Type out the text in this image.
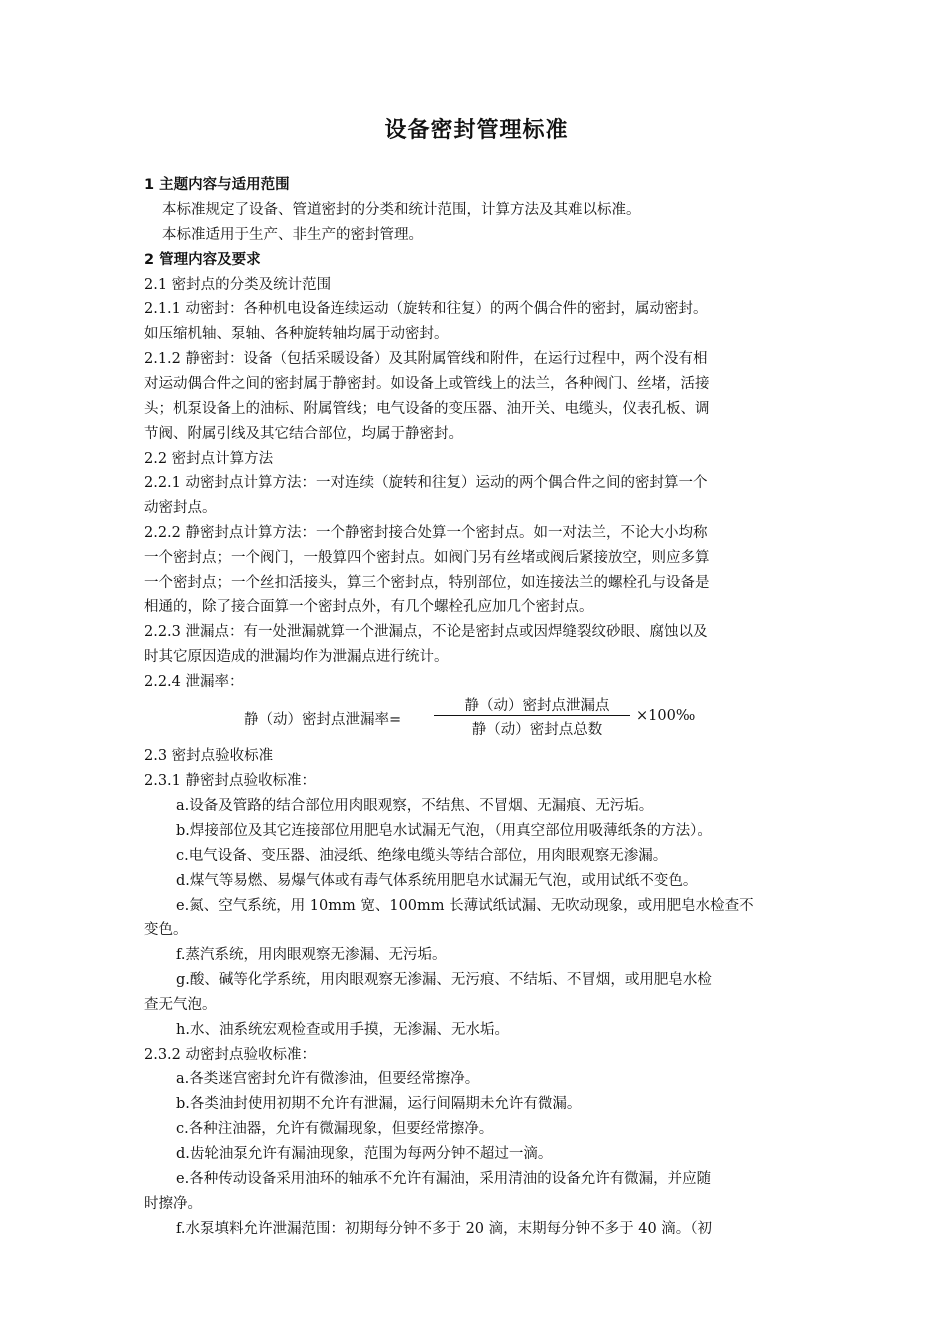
设备密封管理标准
1 主题内容与适用范围
本标准规定了设备、管道密封的分类和统计范围，计算方法及其难以标准。
本标准适用于生产、非生产的密封管理。
2 管理内容及要求
2.1 密封点的分类及统计范围
2.1.1 动密封：各种机电设备连续运动（旋转和往复）的两个偶合件的密封，属动密封。
如压缩机轴、泵轴、各种旋转轴均属于动密封。
2.1.2 静密封：设备（包括采暖设备）及其附属管线和附件，在运行过程中，两个没有相
对运动偶合件之间的密封属于静密封。如设备上或管线上的法兰，各种阀门、丝堵，活接
头；机泵设备上的油标、附属管线；电气设备的变压器、油开关、电缆头，仪表孔板、调
节阀、附属引线及其它结合部位，均属于静密封。
2.2 密封点计算方法
2.2.1 动密封点计算方法：一对连续（旋转和往复）运动的两个偶合件之间的密封算一个
动密封点。
2.2.2 静密封点计算方法：一个静密封接合处算一个密封点。如一对法兰，不论大小均称
一个密封点；一个阀门，一般算四个密封点。如阀门另有丝堵或阀后紧接放空，则应多算
一个密封点；一个丝扣活接头，算三个密封点，特别部位，如连接法兰的螺栓孔与设备是
相通的，除了接合面算一个密封点外，有几个螺栓孔应加几个密封点。
2.2.3 泄漏点：有一处泄漏就算一个泄漏点，不论是密封点或因焊缝裂纹砂眼、腐蚀以及
时其它原因造成的泄漏均作为泄漏点进行统计。
2.2.4 泄漏率：
2.3 密封点验收标准
2.3.1 静密封点验收标准：
a.设备及管路的结合部位用肉眼观察，不结焦、不冒烟、无漏痕、无污垢。
b.焊接部位及其它连接部位用肥皂水试漏无气泡，（用真空部位用吸薄纸条的方法）。
c.电气设备、变压器、油浸纸、绝缘电缆头等结合部位，用肉眼观察无渗漏。
d.煤气等易燃、易爆气体或有毒气体系统用肥皂水试漏无气泡，或用试纸不变色。
e.氮、空气系统，用 10mm 宽、100mm 长薄试纸试漏、无吹动现象，或用肥皂水检查不
变色。
f.蒸汽系统，用肉眼观察无渗漏、无污垢。
g.酸、碱等化学系统，用肉眼观察无渗漏、无污痕、不结垢、不冒烟，或用肥皂水检
查无气泡。
h.水、油系统宏观检查或用手摸，无渗漏、无水垢。
2.3.2 动密封点验收标准：
a.各类迷宫密封允许有微渗油，但要经常擦净。
b.各类油封使用初期不允许有泄漏，运行间隔期未允许有微漏。
c.各种注油器，允许有微漏现象，但要经常擦净。
d.齿轮油泵允许有漏油现象，范围为每两分钟不超过一滴。
e.各种传动设备采用油环的轴承不允许有漏油，采用清油的设备允许有微漏，并应随
时擦净。
f.水泵填料允许泄漏范围：初期每分钟不多于 20 滴，末期每分钟不多于 40 滴。（初
静（动）密封点泄漏率=
静（动）密封点泄漏点
静（动）密封点总数
×100‰
